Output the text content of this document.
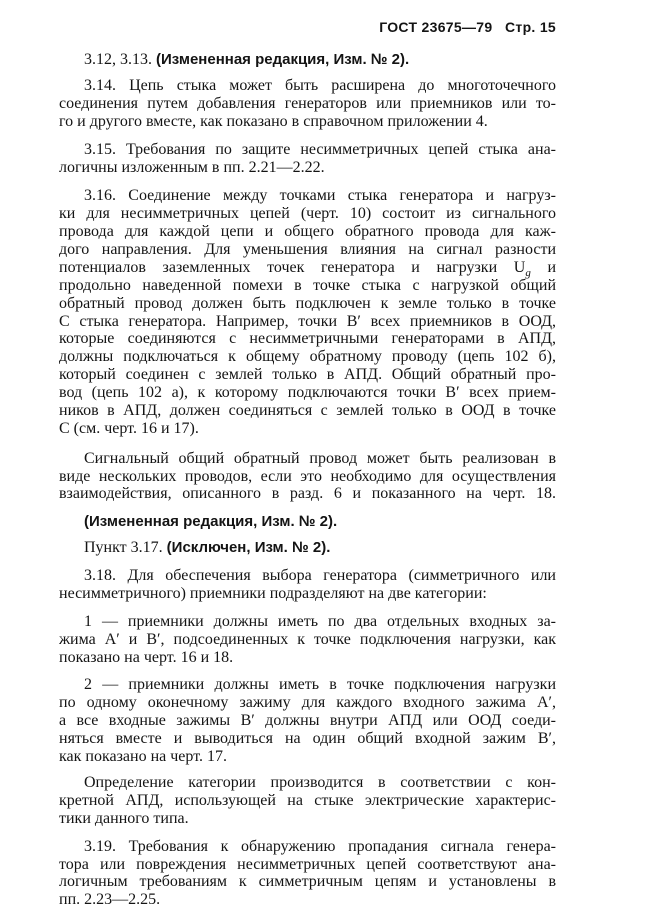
ГОСТ 23675—79 Стр. 15
3.12, 3.13. (Измененная редакция, Изм. № 2).
3.14. Цепь стыка может быть расширена до многоточечного
соединения путем добавления генераторов или приемников или то-
го и другого вместе, как показано в справочном приложении 4.
3.15. Требования по защите несимметричных цепей стыка ана-
логичны изложенным в пп. 2.21—2.22.
3.16. Соединение между точками стыка генератора и нагруз-
ки для несимметричных цепей (черт. 10) состоит из сигнального
провода для каждой цепи и общего обратного провода для каж-
дого направления. Для уменьшения влияния на сигнал разности
потенциалов заземленных точек генератора и нагрузки $U_g$ и
продольно наведенной помехи в точке стыка с нагрузкой общий
обратный провод должен быть подключен к земле только в точке
C стыка генератора. Например, точки B′ всех приемников в ООД,
которые соединяются с несимметричными генераторами в АПД,
должны подключаться к общему обратному проводу (цепь 102 б),
который соединен с землей только в АПД. Общий обратный про-
вод (цепь 102 а), к которому подключаются точки B′ всех прием-
ников в АПД, должен соединяться с землей только в ООД в точке
C (см. черт. 16 и 17).
Сигнальный общий обратный провод может быть реализован в
виде нескольких проводов, если это необходимо для осуществления
взаимодействия, описанного в разд. 6 и показанного на черт. 18.
(Измененная редакция, Изм. № 2).
Пункт 3.17. (Исключен, Изм. № 2).
3.18. Для обеспечения выбора генератора (симметричного или
несимметричного) приемники подразделяют на две категории:
1 — приемники должны иметь по два отдельных входных за-
жима A′ и B′, подсоединенных к точке подключения нагрузки, как
показано на черт. 16 и 18.
2 — приемники должны иметь в точке подключения нагрузки
по одному оконечному зажиму для каждого входного зажима A′,
а все входные зажимы B′ должны внутри АПД или ООД соеди-
няться вместе и выводиться на один общий входной зажим B′,
как показано на черт. 17.
Определение категории производится в соответствии с кон-
кретной АПД, использующей на стыке электрические характерис-
тики данного типа.
3.19. Требования к обнаружению пропадания сигнала генера-
тора или повреждения несимметричных цепей соответствуют ана-
логичным требованиям к симметричным цепям и установлены в
пп. 2.23—2.25.
